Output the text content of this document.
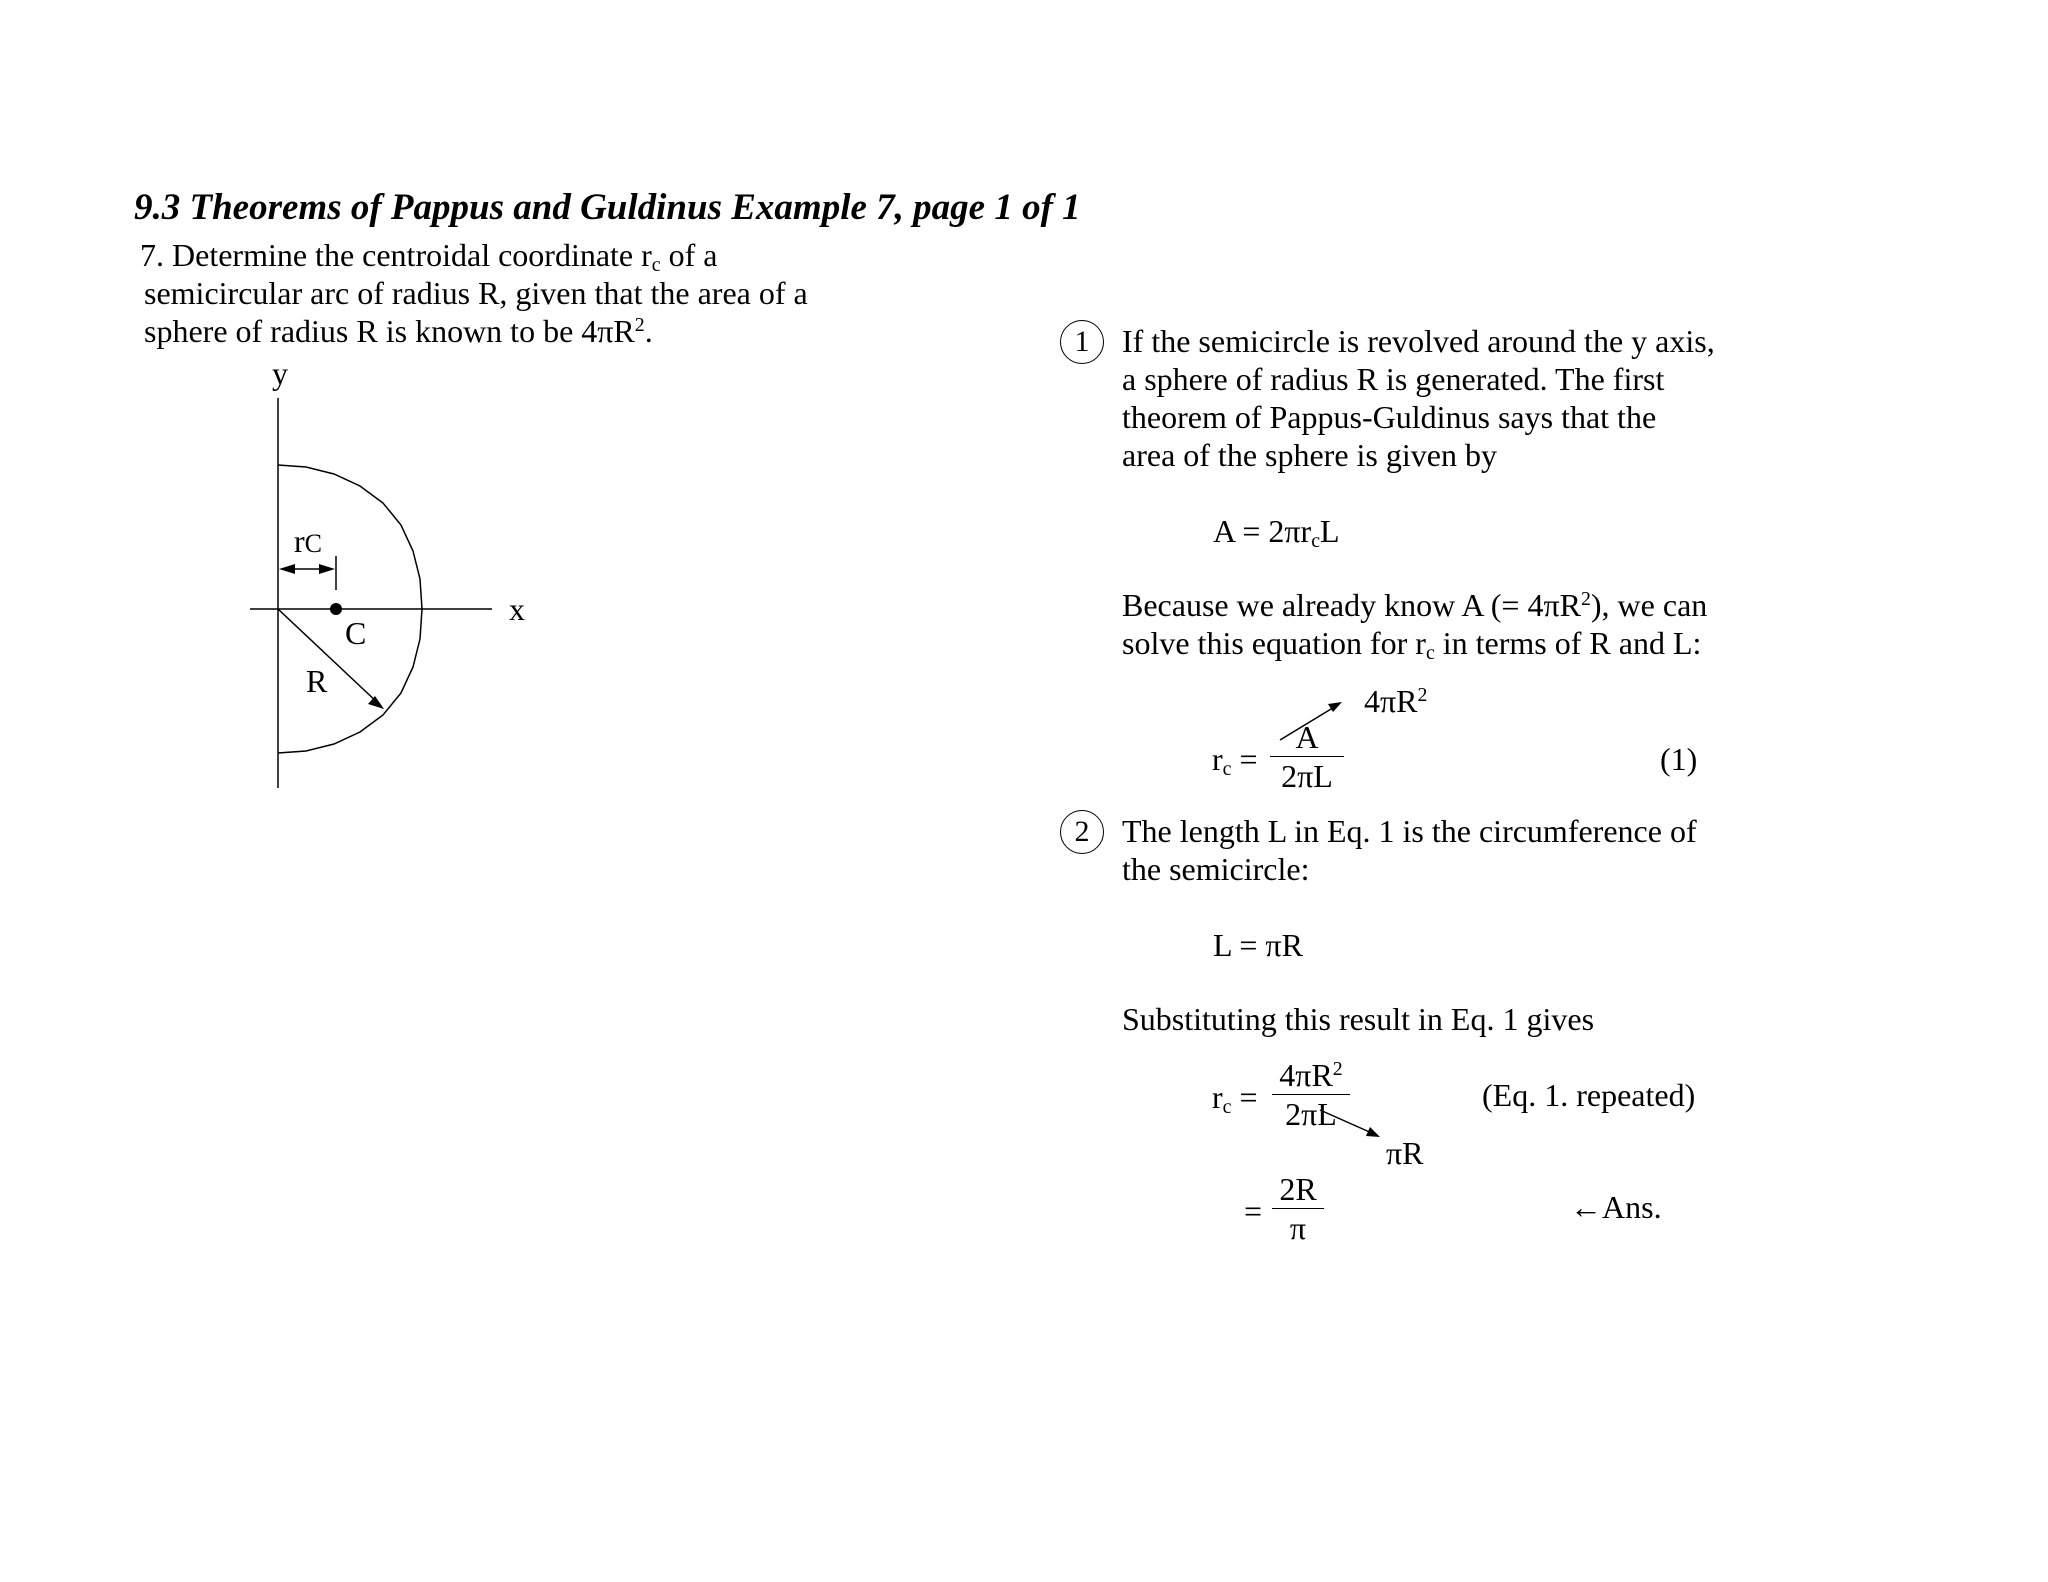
9.3 Theorems of Pappus and Guldinus Example 7, page 1 of 1
7. Determine the centroidal coordinate $r_c$ of a
semicircular arc of radius R, given that the area of a
sphere of radius R is known to be $4\pi R^2$.
y
x
rC
C
R
1	If the semicircle is revolved around the y axis,
a sphere of radius R is generated. The first
theorem of Pappus-Guldinus says that the
area of the sphere is given by
$A = 2\pi r_cL$
Because we already know A (= $4\pi R^2$), we can
solve this equation for $r_c$ in terms of R and L:
$4\pi R^2$
$r_c$ =
A
2πL	(1)
2	The length L in Eq. 1 is the circumference of
the semicircle:
L = πR
Substituting this result in Eq. 1 gives
$r_c$ =
$4\pi R^2$
2πL
(Eq. 1. repeated)
πR
=
2R
π
←Ans.
